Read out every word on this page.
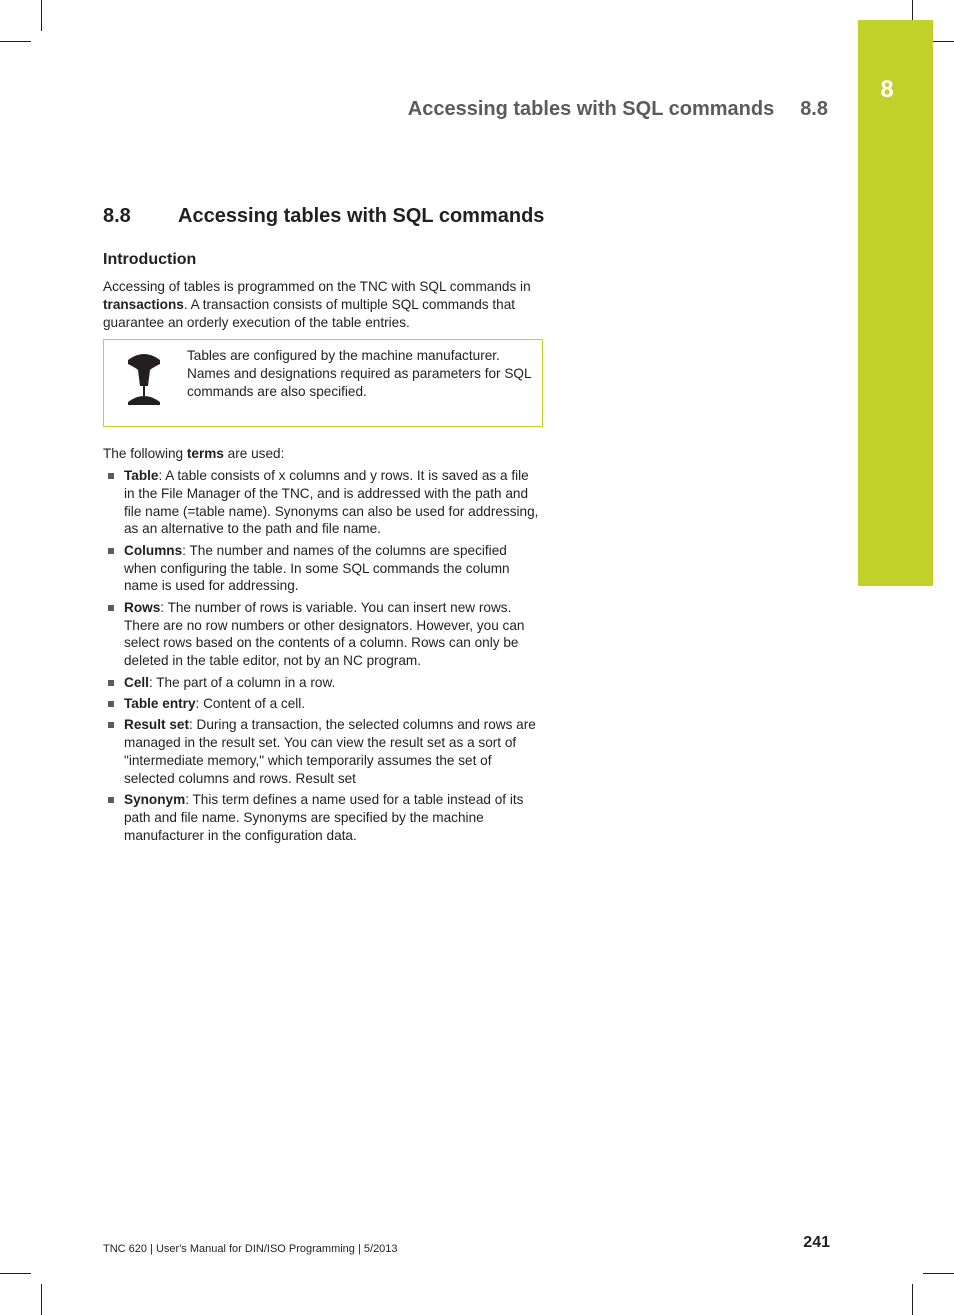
8
Accessing tables with SQL commands 8.8
8.8 Accessing tables with SQL commands
Introduction
Accessing of tables is programmed on the TNC with SQL commands in transactions. A transaction consists of multiple SQL commands that guarantee an orderly execution of the table entries.
Tables are configured by the machine manufacturer. Names and designations required as parameters for SQL commands are also specified.
The following terms are used:
Table: A table consists of x columns and y rows. It is saved as a file in the File Manager of the TNC, and is addressed with the path and file name (=table name). Synonyms can also be used for addressing, as an alternative to the path and file name.
Columns: The number and names of the columns are specified when configuring the table. In some SQL commands the column name is used for addressing.
Rows: The number of rows is variable. You can insert new rows. There are no row numbers or other designators. However, you can select rows based on the contents of a column. Rows can only be deleted in the table editor, not by an NC program.
Cell: The part of a column in a row.
Table entry: Content of a cell.
Result set: During a transaction, the selected columns and rows are managed in the result set. You can view the result set as a sort of "intermediate memory," which temporarily assumes the set of selected columns and rows. Result set
Synonym: This term defines a name used for a table instead of its path and file name. Synonyms are specified by the machine manufacturer in the configuration data.
TNC 620 | User's Manual for DIN/ISO Programming | 5/2013	241
